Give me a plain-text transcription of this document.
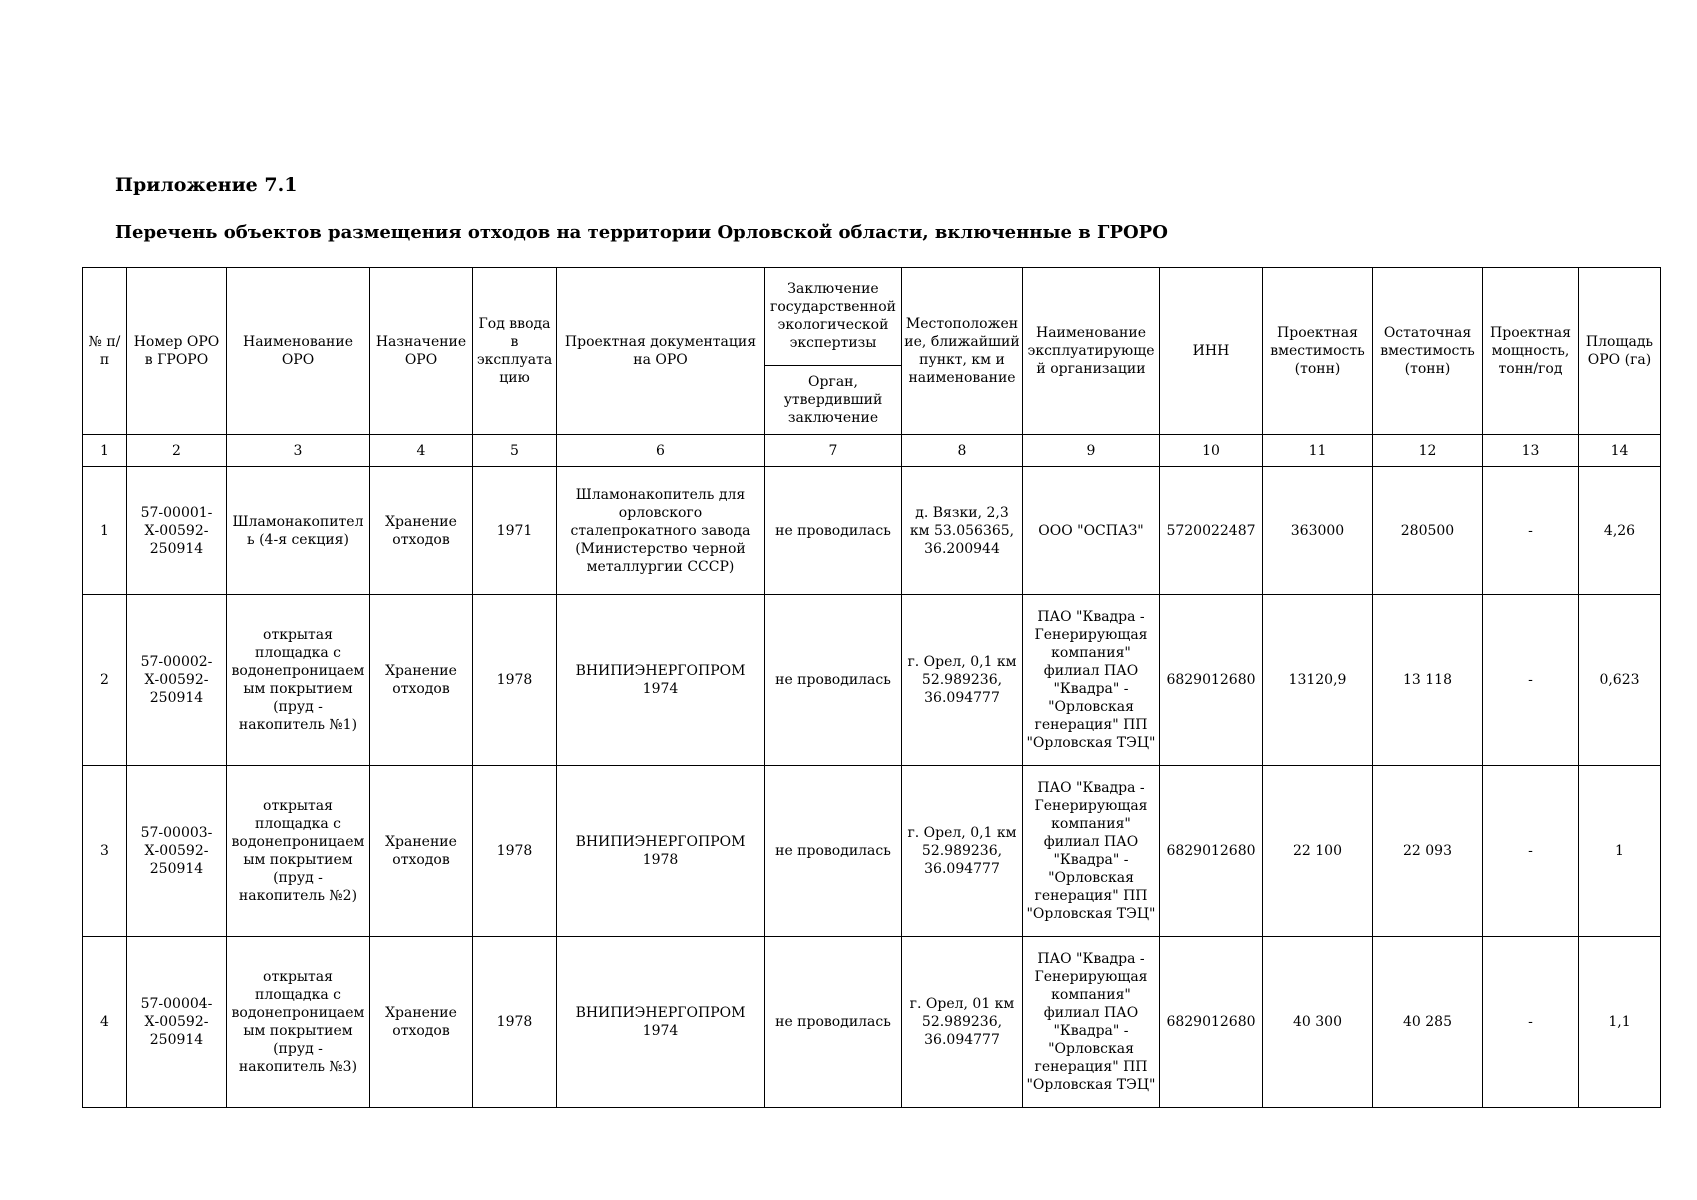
Приложение 7.1
Перечень объектов размещения отходов на территории Орловской области, включенные в ГРОРО
№ п/п	Номер ОРО в ГРОРО	Наименование ОРО	Назначение ОРО	Год ввода в эксплуатацию	Проектная документация на ОРО	Заключение государственной экологической экспертизы	Местоположение, ближайший пункт, км и наименование	Наименование эксплуатирующей организации	ИНН	Проектная вместимость (тонн)	Остаточная вместимость (тонн)	Проектная мощность, тонн/год	Площадь ОРО (га)
						Орган, утвердивший заключение							
1	2	3	4	5	6	7	8	9	10	11	12	13	14
1	57-00001-Х-00592-250914	Шламонакопитель (4-я секция)	Хранение отходов	1971	Шламонакопитель для орловского сталепрокатного завода (Министерство черной металлургии СССР)	не проводилась	д. Вязки, 2,3 км 53.056365, 36.200944	ООО "ОСПАЗ"	5720022487	363000	280500	-	4,26
2	57-00002-Х-00592-250914	открытая площадка с водонепроницаемым покрытием (пруд - накопитель №1)	Хранение отходов	1978	ВНИПИЭНЕРГОПРОМ 1974	не проводилась	г. Орел, 0,1 км 52.989236, 36.094777	ПАО "Квадра - Генерирующая компания" филиал ПАО "Квадра" - "Орловская генерация" ПП "Орловская ТЭЦ"	6829012680	13120,9	13 118	-	0,623
3	57-00003-Х-00592-250914	открытая площадка с водонепроницаемым покрытием (пруд - накопитель №2)	Хранение отходов	1978	ВНИПИЭНЕРГОПРОМ 1978	не проводилась	г. Орел, 0,1 км 52.989236, 36.094777	ПАО "Квадра - Генерирующая компания" филиал ПАО "Квадра" - "Орловская генерация" ПП "Орловская ТЭЦ"	6829012680	22 100	22 093	-	1
4	57-00004-Х-00592-250914	открытая площадка с водонепроницаемым покрытием (пруд - накопитель №3)	Хранение отходов	1978	ВНИПИЭНЕРГОПРОМ 1974	не проводилась	г. Орел, 01 км 52.989236, 36.094777	ПАО "Квадра - Генерирующая компания" филиал ПАО "Квадра" - "Орловская генерация" ПП "Орловская ТЭЦ"	6829012680	40 300	40 285	-	1,1
